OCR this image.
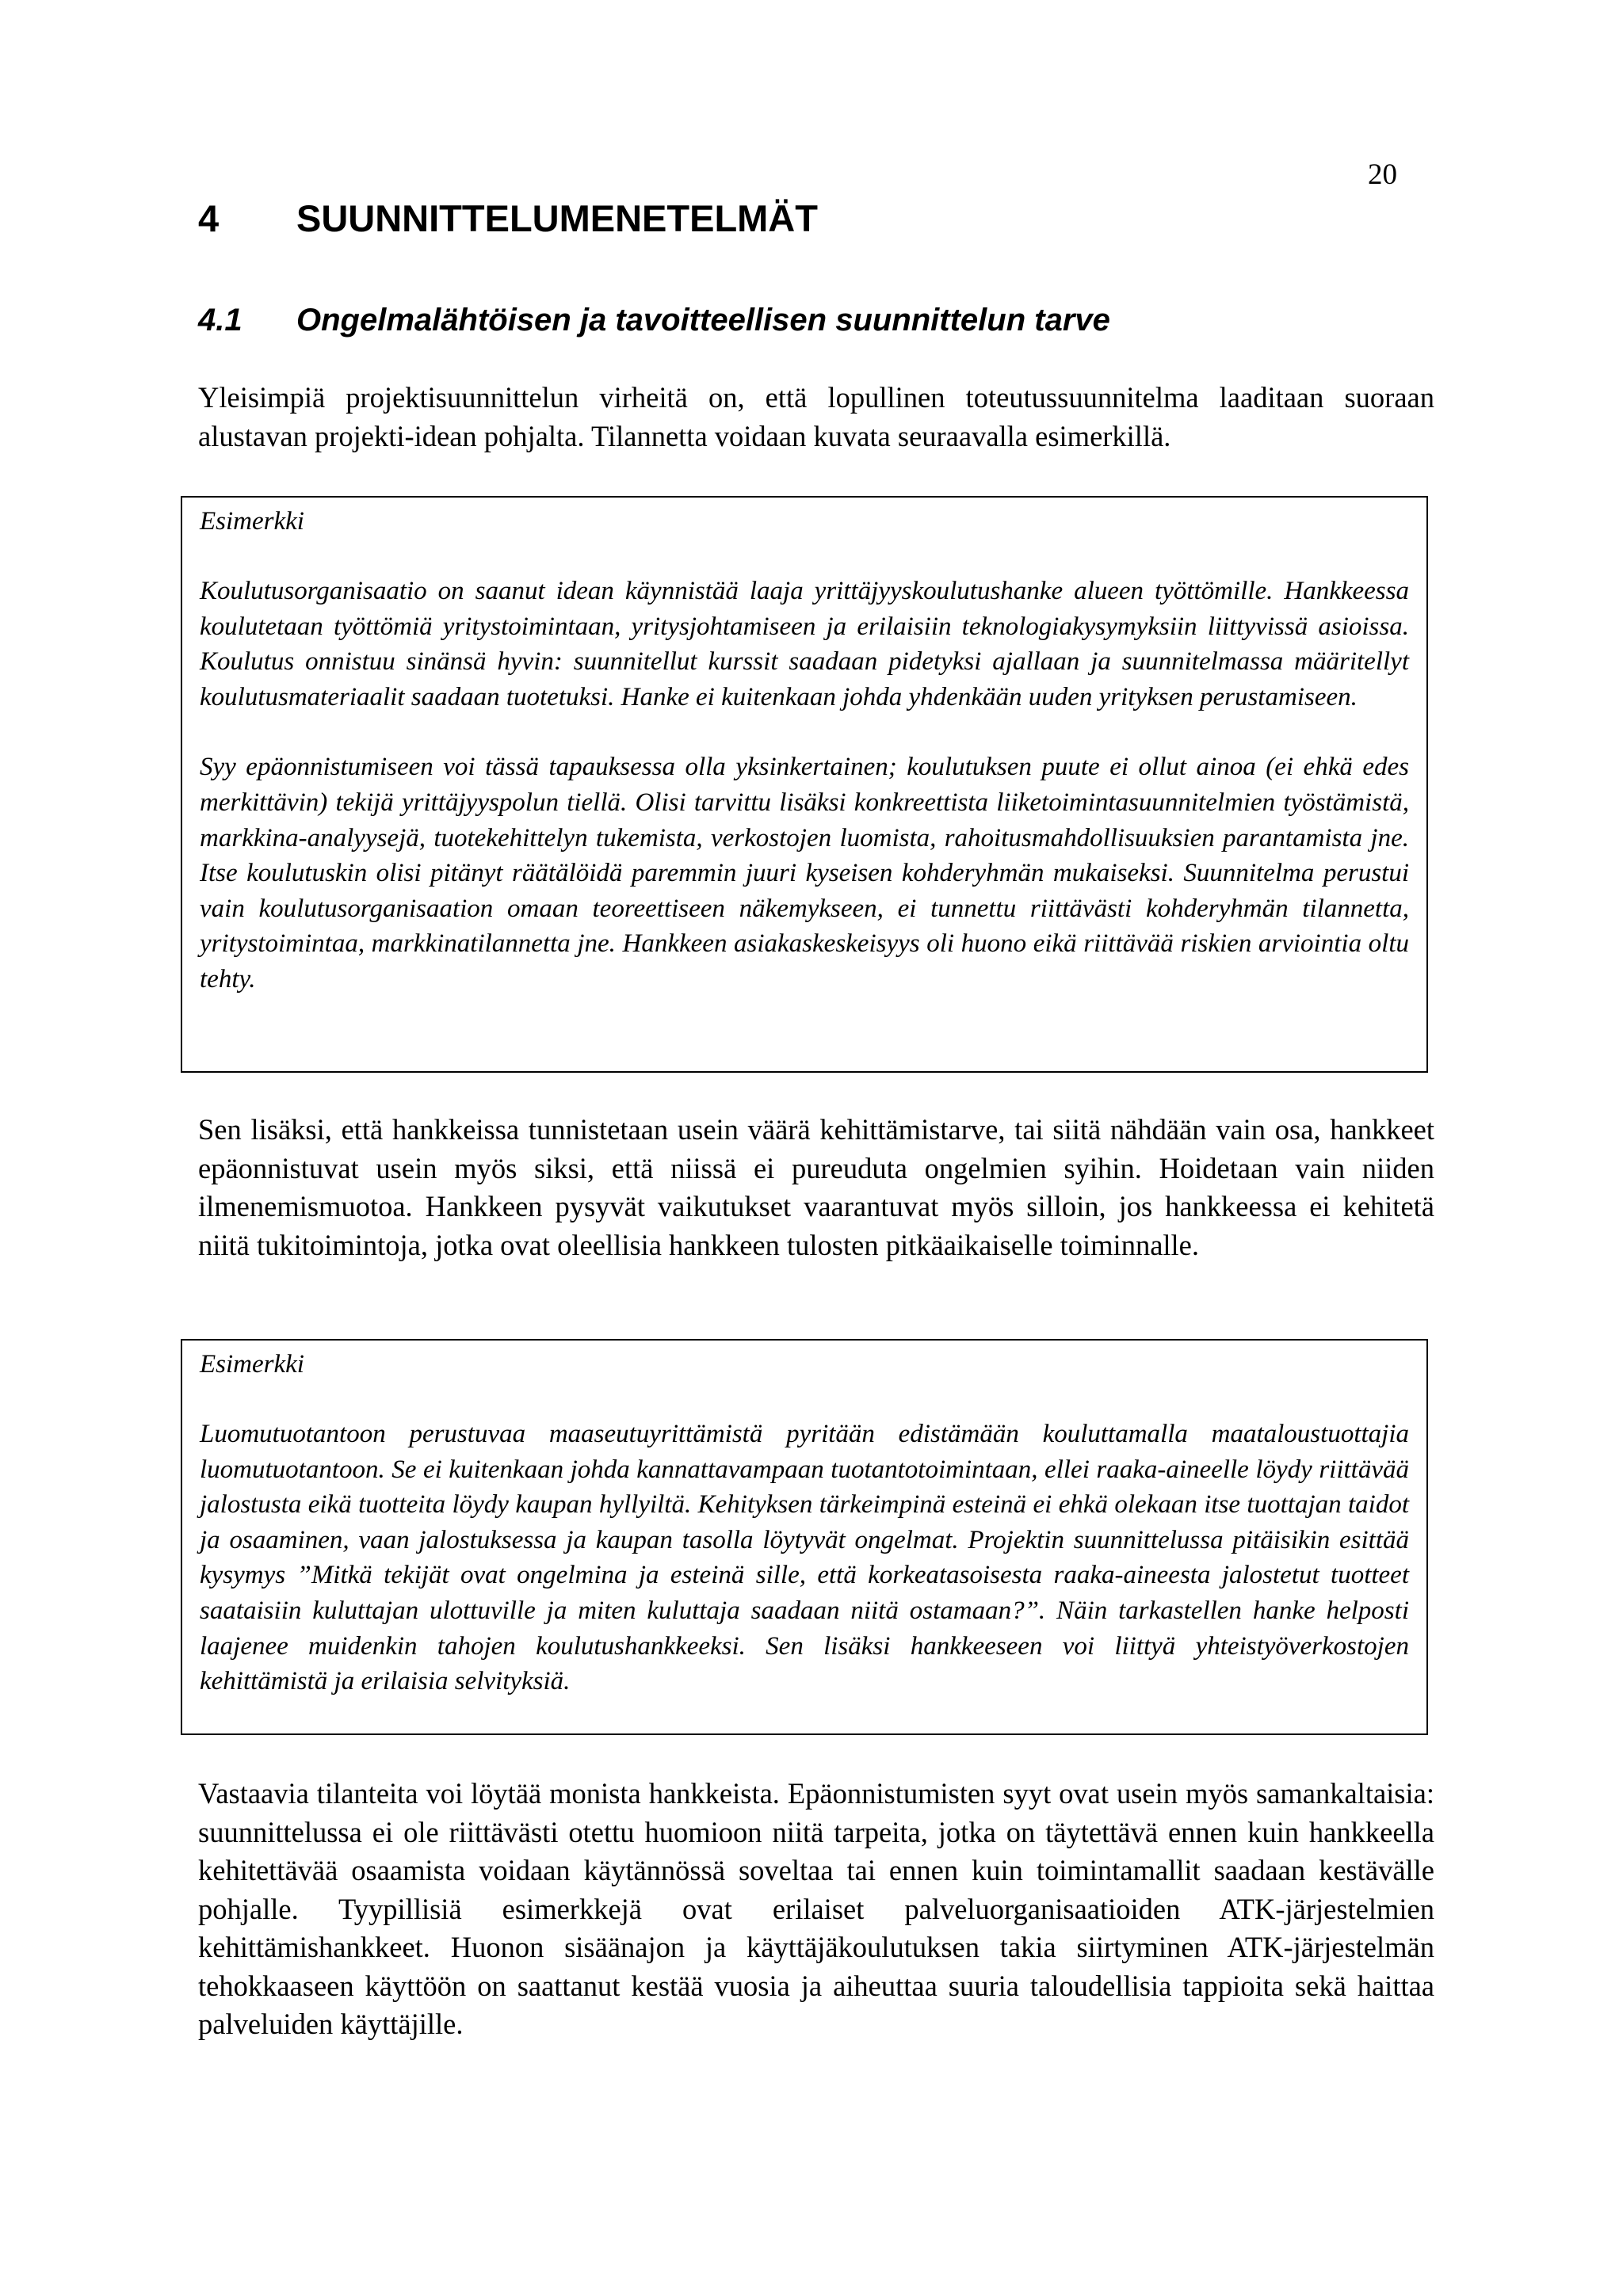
20
4 SUUNNITTELUMENETELMÄT
4.1 Ongelmalähtöisen ja tavoitteellisen suunnittelun tarve

Yleisimpiä projektisuunnittelun virheitä on, että lopullinen toteutussuunnitelma laaditaan suoraan alustavan projekti-idean pohjalta. Tilannetta voidaan kuvata seuraavalla esimerkillä.

Esimerkki

Koulutusorganisaatio on saanut idean käynnistää laaja yrittäjyyskoulutushanke alueen työttömille. Hankkeessa koulutetaan työttömiä yritystoimintaan, yritysjohtamiseen ja erilaisiin teknologiakysymyksiin liittyvissä asioissa. Koulutus onnistuu sinänsä hyvin: suunnitellut kurssit saadaan pidetyksi ajallaan ja suunnitelmassa määritellyt koulutusmateriaalit saadaan tuotetuksi. Hanke ei kuitenkaan johda yhdenkään uuden yrityksen perustamiseen.

Syy epäonnistumiseen voi tässä tapauksessa olla yksinkertainen; koulutuksen puute ei ollut ainoa (ei ehkä edes merkittävin) tekijä yrittäjyyspolun tiellä. Olisi tarvittu lisäksi konkreettista liiketoimintasuunnitelmien työstämistä, markkina-analyysejä, tuotekehittelyn tukemista, verkostojen luomista, rahoitusmahdollisuuksien parantamista jne. Itse koulutuskin olisi pitänyt räätälöidä paremmin juuri kyseisen kohderyhmän mukaiseksi. Suunnitelma perustui vain koulutusorganisaation omaan teoreettiseen näkemykseen, ei tunnettu riittävästi kohderyhmän tilannetta, yritystoimintaa, markkinatilannetta jne. Hankkeen asiakaskeskeisyys oli huono eikä riittävää riskien arviointia oltu tehty.

Sen lisäksi, että hankkeissa tunnistetaan usein väärä kehittämistarve, tai siitä nähdään vain osa, hankkeet epäonnistuvat usein myös siksi, että niissä ei pureuduta ongelmien syihin. Hoidetaan vain niiden ilmenemismuotoa. Hankkeen pysyvät vaikutukset vaarantuvat myös silloin, jos hankkeessa ei kehitetä niitä tukitoimintoja, jotka ovat oleellisia hankkeen tulosten pitkäaikaiselle toiminnalle.

Esimerkki

Luomutuotantoon perustuvaa maaseutuyrittämistä pyritään edistämään kouluttamalla maataloustuottajia luomutuotantoon. Se ei kuitenkaan johda kannattavampaan tuotantotoimintaan, ellei raaka-aineelle löydy riittävää jalostusta eikä tuotteita löydy kaupan hyllyiltä. Kehityksen tärkeimpinä esteinä ei ehkä olekaan itse tuottajan taidot ja osaaminen, vaan jalostuksessa ja kaupan tasolla löytyvät ongelmat. Projektin suunnittelussa pitäisikin esittää kysymys ”Mitkä tekijät ovat ongelmina ja esteinä sille, että korkeatasoisesta raaka-aineesta jalostetut tuotteet saataisiin kuluttajan ulottuville ja miten kuluttaja saadaan niitä ostamaan?”. Näin tarkastellen hanke helposti laajenee muidenkin tahojen koulutushankkeeksi. Sen lisäksi hankkeeseen voi liittyä yhteistyöverkostojen kehittämistä ja erilaisia selvityksiä.

Vastaavia tilanteita voi löytää monista hankkeista. Epäonnistumisten syyt ovat usein myös samankaltaisia: suunnittelussa ei ole riittävästi otettu huomioon niitä tarpeita, jotka on täytettävä ennen kuin hankkeella kehitettävää osaamista voidaan käytännössä soveltaa tai ennen kuin toimintamallit saadaan kestävälle pohjalle. Tyypillisiä esimerkkejä ovat erilaiset palveluorganisaatioiden ATK-järjestelmien kehittämishankkeet. Huonon sisäänajon ja käyttäjäkoulutuksen takia siirtyminen ATK-järjestelmän tehokkaaseen käyttöön on saattanut kestää vuosia ja aiheuttaa suuria taloudellisia tappioita sekä haittaa palveluiden käyttäjille.
